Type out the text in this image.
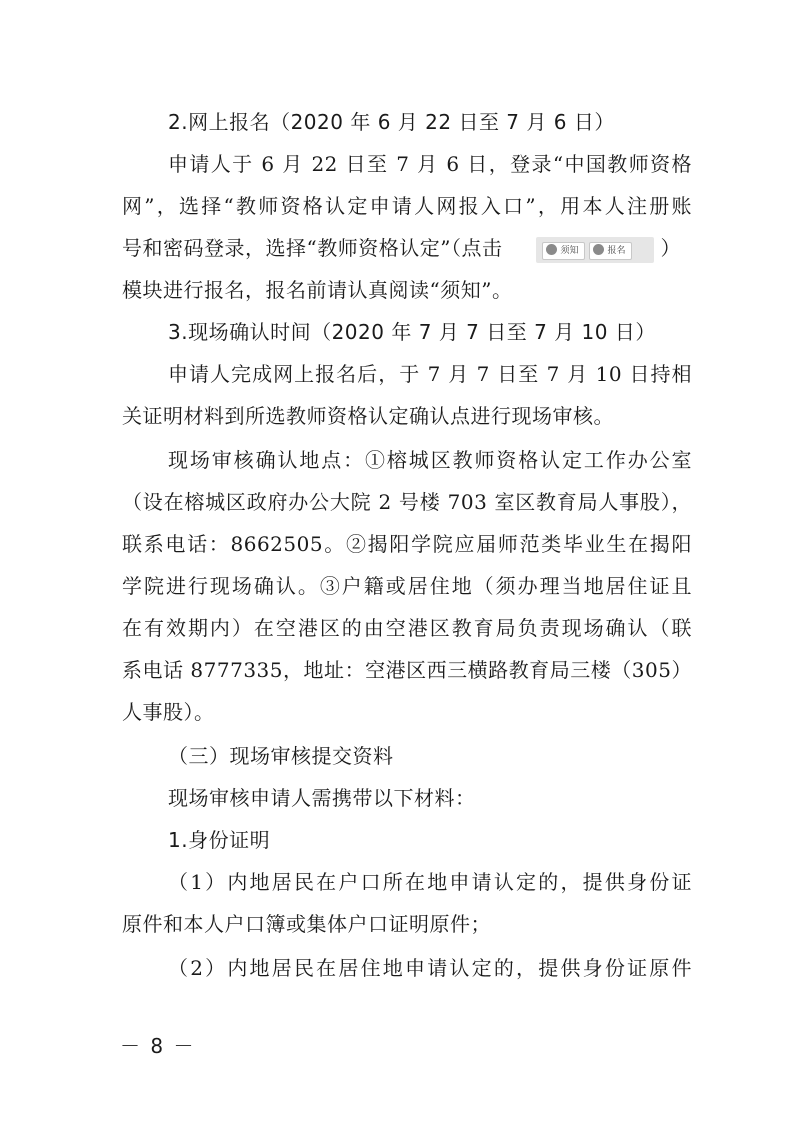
2.网上报名（2020 年 6 月 22 日至 7 月 6 日）
申请人于 6 月 22 日至 7 月 6 日，登录“中国教师资格
网”，选择“教师资格认定申请人网报入口”，用本人注册账
号和密码登录，选择“教师资格认定”（点击	须知	报名 ）
模块进行报名，报名前请认真阅读“须知”。
3.现场确认时间（2020 年 7 月 7 日至 7 月 10 日）
申请人完成网上报名后，于 7 月 7 日至 7 月 10 日持相
关证明材料到所选教师资格认定确认点进行现场审核。
现场审核确认地点：①榕城区教师资格认定工作办公室
（设在榕城区政府办公大院 2 号楼 703 室区教育局人事股），
联系电话：8662505。②揭阳学院应届师范类毕业生在揭阳
学院进行现场确认。③户籍或居住地（须办理当地居住证且
在有效期内）在空港区的由空港区教育局负责现场确认（联
系电话 8777335，地址：空港区西三横路教育局三楼（305）
人事股）。
（三）现场审核提交资料
现场审核申请人需携带以下材料：
1.身份证明
（1）内地居民在户口所在地申请认定的，提供身份证
原件和本人户口簿或集体户口证明原件；
（2）内地居民在居住地申请认定的，提供身份证原件
－ 8 －
